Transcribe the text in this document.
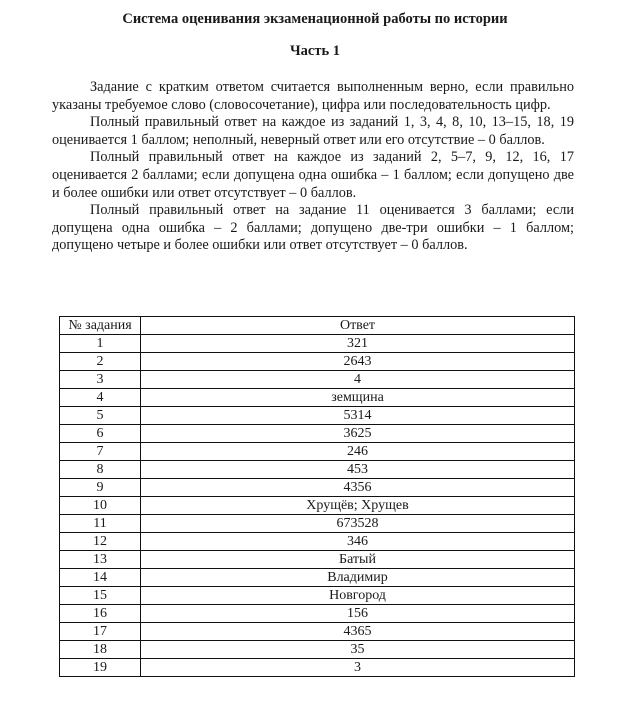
Система оценивания экзаменационной работы по истории
Часть 1

Задание с кратким ответом считается выполненным верно, если правильно указаны требуемое слово (словосочетание), цифра или последовательность цифр.

Полный правильный ответ на каждое из заданий 1, 3, 4, 8, 10, 13–15, 18, 19 оценивается 1 баллом; неполный, неверный ответ или его отсутствие – 0 баллов.

Полный правильный ответ на каждое из заданий 2, 5–7, 9, 12, 16, 17 оценивается 2 баллами; если допущена одна ошибка – 1 баллом; если допущено две и более ошибки или ответ отсутствует – 0 баллов.

Полный правильный ответ на задание 11 оценивается 3 баллами; если допущена одна ошибка – 2 баллами; допущено две-три ошибки – 1 баллом; допущено четыре и более ошибки или ответ отсутствует – 0 баллов.

№ задания	Ответ
1	321
2	2643
3	4
4	земщина
5	5314
6	3625
7	246
8	453
9	4356
10	Хрущёв; Хрущев
11	673528
12	346
13	Батый
14	Владимир
15	Новгород
16	156
17	4365
18	35
19	3
